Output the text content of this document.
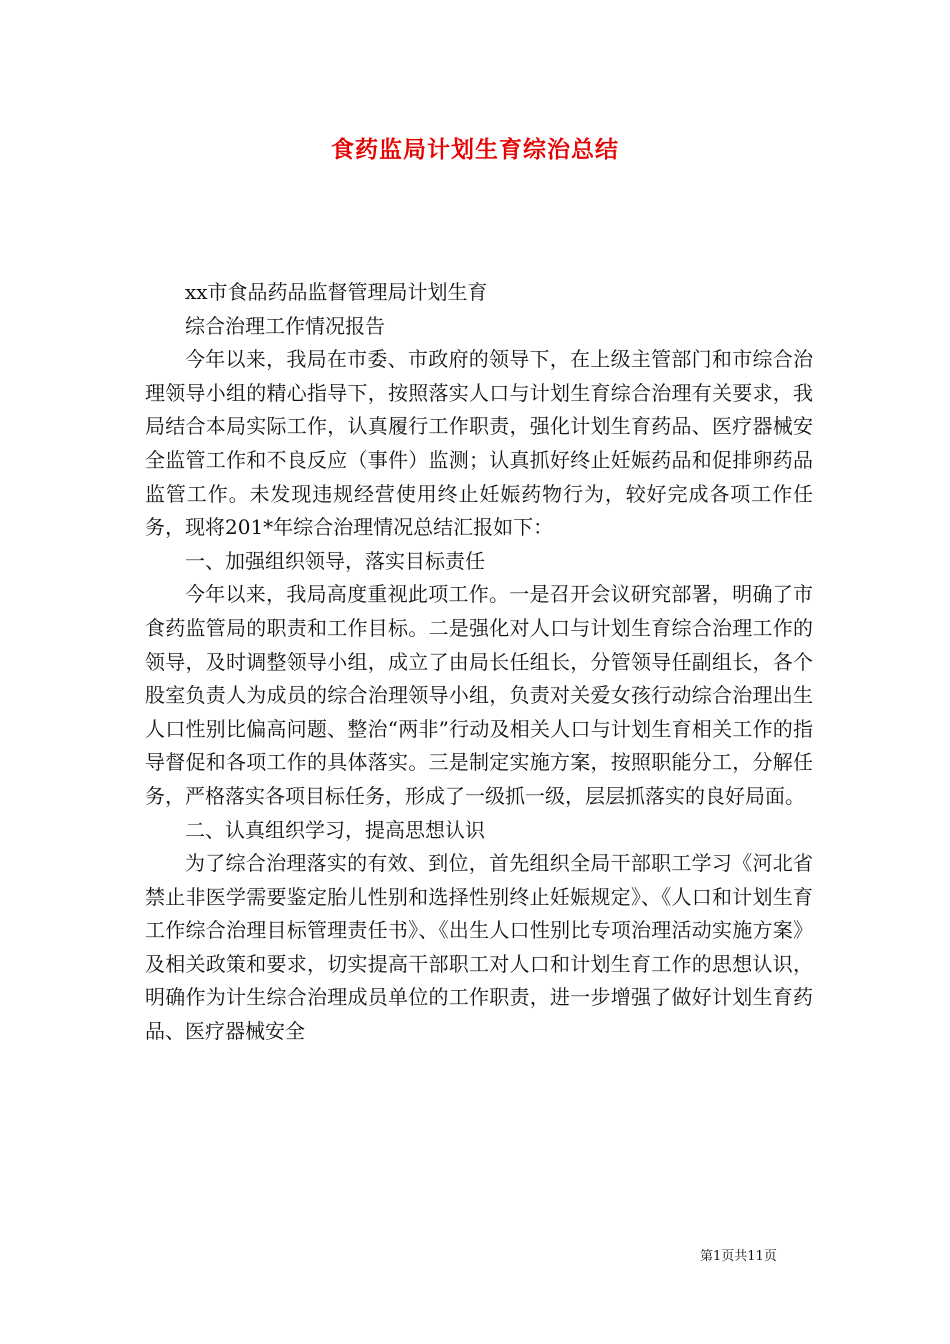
食药监局计划生育综治总结

xx市食品药品监督管理局计划生育

综合治理工作情况报告

今年以来，我局在市委、市政府的领导下，在上级主管部门和市综合治理领导小组的精心指导下，按照落实人口与计划生育综合治理有关要求，我局结合本局实际工作，认真履行工作职责，强化计划生育药品、医疗器械安全监管工作和不良反应（事件）监测；认真抓好终止妊娠药品和促排卵药品监管工作。未发现违规经营使用终止妊娠药物行为，较好完成各项工作任务，现将201*年综合治理情况总结汇报如下：

一、加强组织领导，落实目标责任

今年以来，我局高度重视此项工作。一是召开会议研究部署，明确了市食药监管局的职责和工作目标。二是强化对人口与计划生育综合治理工作的领导，及时调整领导小组，成立了由局长任组长，分管领导任副组长，各个股室负责人为成员的综合治理领导小组，负责对关爱女孩行动综合治理出生人口性别比偏高问题、整治“两非”行动及相关人口与计划生育相关工作的指导督促和各项工作的具体落实。三是制定实施方案，按照职能分工，分解任务，严格落实各项目标任务，形成了一级抓一级，层层抓落实的良好局面。

二、认真组织学习，提高思想认识

为了综合治理落实的有效、到位，首先组织全局干部职工学习《河北省禁止非医学需要鉴定胎儿性别和选择性别终止妊娠规定》、《人口和计划生育工作综合治理目标管理责任书》、《出生人口性别比专项治理活动实施方案》及相关政策和要求，切实提高干部职工对人口和计划生育工作的思想认识，明确作为计生综合治理成员单位的工作职责，进一步增强了做好计划生育药品、医疗器械安全

第1页共11页
